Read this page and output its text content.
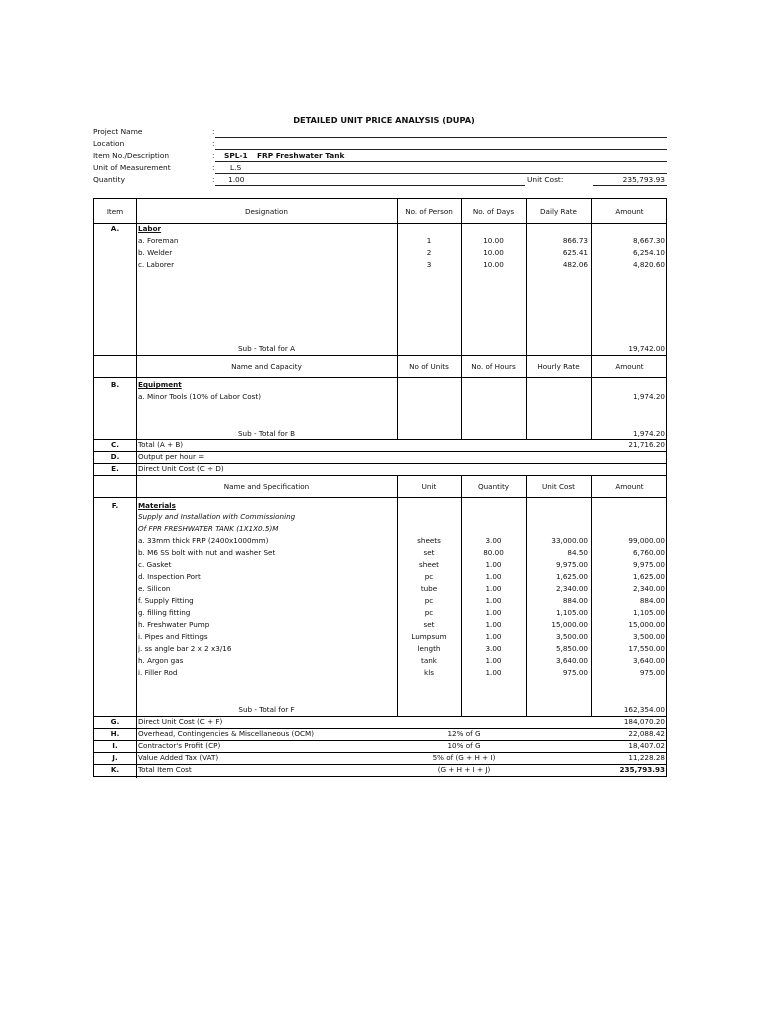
DETAILED UNIT PRICE ANALYSIS (DUPA)
Project Name	:
Location	:
Item No./Description	: SPL-1 FRP Freshwater Tank
Unit of Measurement	: L.S
Quantity	: 1.00	Unit Cost:	235,793.93
Item	Designation	No. of Person	No. of Days	Daily Rate	Amount
A.	Labor
a. Foreman	1	10.00	866.73	8,667.30
b. Welder	2	10.00	625.41	6,254.10
c. Laborer	3	10.00	482.06	4,820.60
Sub - Total for A	19,742.00
Name and Capacity	No of Units	No. of Hours	Hourly Rate	Amount
B.	Equipment
a. Minor Tools (10% of Labor Cost)	1,974.20
Sub - Total for B	1,974.20
C.	Total (A + B)	21,716.20
D.	Output per hour =
E.	Direct Unit Cost (C ÷ D)
Name and Specification	Unit	Quantity	Unit Cost	Amount
F.	Materials
Supply and Installation with Commissioning
Of FPR FRESHWATER TANK (1X1X0.5)M
a. 33mm thick FRP (2400x1000mm)	sheets	3.00	33,000.00	99,000.00
b. M6 SS bolt with nut and washer Set	set	80.00	84.50	6,760.00
c. Gasket	sheet	1.00	9,975.00	9,975.00
d. Inspection Port	pc	1.00	1,625.00	1,625.00
e. Silicon	tube	1.00	2,340.00	2,340.00
f. Supply Fitting	pc	1.00	884.00	884.00
g. filling fitting	pc	1.00	1,105.00	1,105.00
h. Freshwater Pump	set	1.00	15,000.00	15,000.00
i. Pipes and Fittings	Lumpsum	1.00	3,500.00	3,500.00
j. ss angle bar 2 x 2 x3/16	length	3.00	5,850.00	17,550.00
h. Argon gas	tank	1.00	3,640.00	3,640.00
i. Filler Rod	kls	1.00	975.00	975.00
Sub - Total for F	162,354.00
G.	Direct Unit Cost (C + F)	184,070.20
H.	Overhead, Contingencies & Miscellaneous (OCM)	12% of G	22,088.42
I.	Contractor's Profit (CP)	10% of G	18,407.02
J.	Value Added Tax (VAT)	5% of (G + H + I)	11,228.28
K.	Total Item Cost	(G + H + I + J)	235,793.93
